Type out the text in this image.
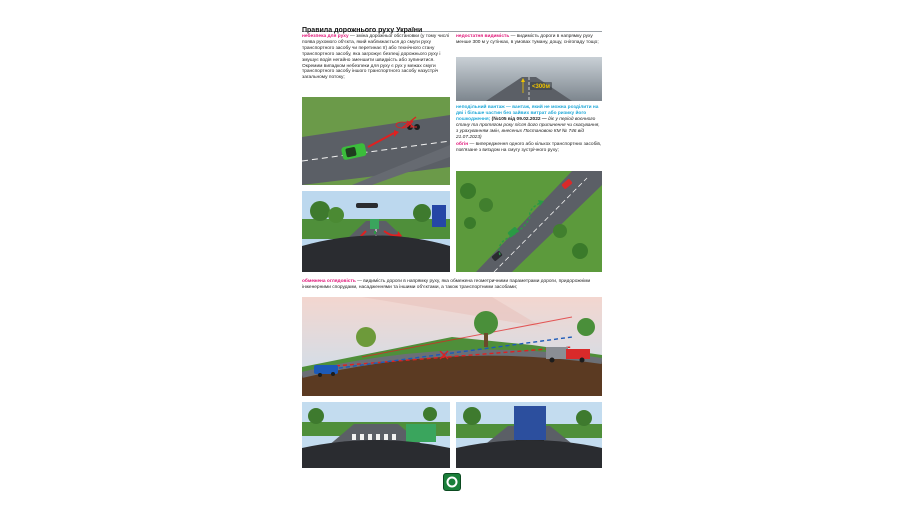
Правила дорожнього руху України

небезпека для руху — зміна дорожньої обстановки (у тому числі поява рухомого об'єкта, який наближається до смуги руху транспортного засобу чи перетинає її) або технічного стану транспортного засобу, яка загрожує безпеці дорожнього руху і змушує водія негайно зменшити швидкість або зупинитися. Окремим випадком небезпеки для руху є рух у межах смуги транспортного засобу іншого транспортного засобу назустріч загальному потоку;

недостатня видимість — видимість дороги в напрямку руху менше 300 м у сутінках, в умовах туману, дощу, снігопаду тощо;

<300м

неподільний вантаж — вантаж, який не можна розділити на дві і більше частин без зайвих витрат або ризику його пошкодження; (№105 від 09.02.2022 — діє у період воєнного стану та протягом року після його припинення чи скасування, з урахуванням змін, внесених Постановою КМ № 746 від 21.07.2023)

обгін — випередження одного або кількох транспортних засобів, пов'язане з виїздом на смугу зустрічного руху;

обмежена оглядовість — видимість дороги в напрямку руху, яка обмежена геометричними параметрами дороги, придорожніми інженерними спорудами, насадженнями та іншими об'єктами, а також транспортними засобами;
